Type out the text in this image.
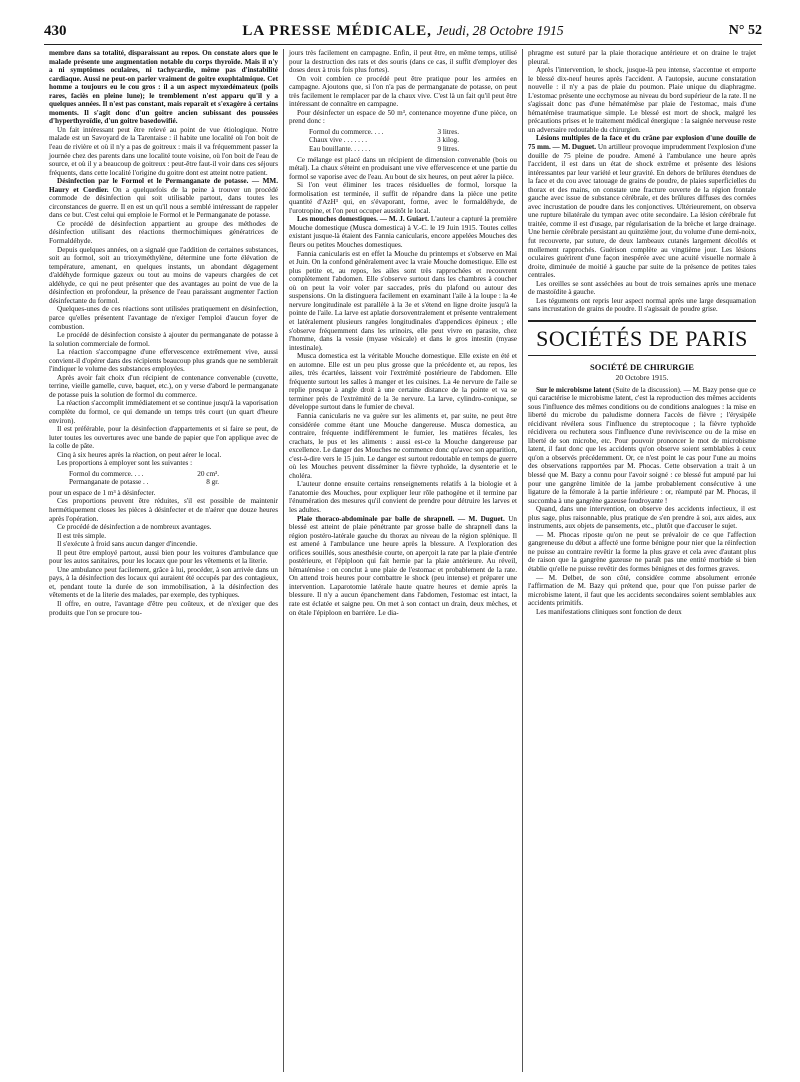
430	LA PRESSE MÉDICALE, Jeudi, 28 Octobre 1915	N° 52

membre dans sa totalité, disparaissant au repos. On constate alors que le malade présente une augmentation notable du corps thyroïde. Mais il n'y a ni symptômes oculaires, ni tachycardie, même pas d'instabilité cardiaque. Aussi ne peut-on parler vraiment de goitre exophtalmique. Cet homme a toujours eu le cou gros : il a un aspect myxœdémateux (poils rares, faciès en pleine lune); le tremblement n'est apparu qu'il y a quelques années. Il n'est pas constant, mais reparaît et s'exagère à certains moments. Il s'agit donc d'un goitre ancien subissant des poussées d'hyperthyroïdie, d'un goitre basedowifié.

Un fait intéressant peut être relevé au point de vue étiologique. Notre malade est un Savoyard de la Tarentaise : il habite une localité où l'on boit de l'eau de rivière et où il n'y a pas de goitreux : mais il va fréquemment passer la journée chez des parents dans une localité toute voisine, où l'on boit de l'eau de source, et où il y a beaucoup de goitreux : peut-être faut-il voir dans ces séjours fréquents, dans cette localité l'origine du goitre dont est atteint notre patient.

Désinfection par le Formol et le Permanganate de potasse. — MM. Haury et Cordier. On a quelquefois de la peine à trouver un procédé commode de désinfection qui soit utilisable partout, dans toutes les circonstances de guerre. Il en est un qu'il nous a semblé intéressant de rappeler dans ce but. C'est celui qui emploie le Formol et le Permanganate de potasse.

Ce procédé de désinfection appartient au groupe des méthodes de désinfection utilisant des réactions thermochimiques génératrices de Formaldéhyde.

Depuis quelques années, on a signalé que l'addition de certaines substances, soit au formol, soit au trioxyméthylène, détermine une forte élévation de température, amenant, en quelques instants, un abondant dégagement d'aldéhyde formique gazeux ou tout au moins de vapeurs chargées de cet aldéhyde, ce qui ne peut présenter que des avantages au point de vue de la désinfection en profondeur, la présence de l'eau paraissant augmenter l'action désinfectante du formol.

Quelques-unes de ces réactions sont utilisées pratiquement en désinfection, parce qu'elles présentent l'avantage de n'exiger l'emploi d'aucun foyer de combustion.

Le procédé de désinfection consiste à ajouter du permanganate de potasse à la solution commerciale de formol.

La réaction s'accompagne d'une effervescence extrêmement vive, aussi convient-il d'opérer dans des récipients beaucoup plus grands que ne semblerait l'indiquer le volume des substances employées.

Après avoir fait choix d'un récipient de contenance convenable (cuvette, terrine, vieille gamelle, cuve, baquet, etc.), on y verse d'abord le permanganate de potasse puis la solution de formol du commerce.

La réaction s'accomplit immédiatement et se continue jusqu'à la vaporisation complète du formol, ce qui demande un temps très court (un quart d'heure environ).

Il est préférable, pour la désinfection d'appartements et si faire se peut, de luter toutes les ouvertures avec une bande de papier que l'on applique avec de la colle de pâte.

Cinq à six heures après la réaction, on peut aérer le local.

Les proportions à employer sont les suivantes :

Formol du commerce. . . .	20 cm³.
Permanganate de potasse . .	8 gr.

pour un espace de 1 m³ à désinfecter.

Ces proportions peuvent être réduites, s'il est possible de maintenir hermétiquement closes les pièces à désinfecter et de n'aérer que douze heures après l'opération.

Ce procédé de désinfection a de nombreux avantages.

Il est très simple.

Il s'exécute à froid sans aucun danger d'incendie.

Il peut être employé partout, aussi bien pour les voitures d'ambulance que pour les autos sanitaires, pour les locaux que pour les vêtements et la literie.

Une ambulance peut facilement, grâce à lui, procéder, à son arrivée dans un pays, à la désinfection des locaux qui auraient été occupés par des contagieux, et, pendant toute la durée de son immobilisation, à la désinfection des vêtements et de la literie des malades, par exemple, des typhiques.

Il offre, en outre, l'avantage d'être peu coûteux, et de n'exiger que des produits que l'on se procure tou-

jours très facilement en campagne. Enfin, il peut être, en même temps, utilisé pour la destruction des rats et des souris (dans ce cas, il suffit d'employer des doses deux à trois fois plus fortes).

On voit combien ce procédé peut être pratique pour les armées en campagne. Ajoutons que, si l'on n'a pas de permanganate de potasse, on peut très facilement le remplacer par de la chaux vive. C'est là un fait qu'il peut être intéressant de connaître en campagne.

Pour désinfecter un espace de 50 m³, contenance moyenne d'une pièce, on prend donc :

Formol du commerce. . . .	3 litres.
Chaux vive . . . . . . .	3 kilog.
Eau bouillante. . . . . .	9 litres.

Ce mélange est placé dans un récipient de dimension convenable (bois ou métal). La chaux s'éteint en produisant une vive effervescence et une partie du formol se vaporise avec de l'eau. Au bout de six heures, on peut aérer la pièce.

Si l'on veut éliminer les traces résiduelles de formol, lorsque la formolisation est terminée, il suffit de répandre dans la pièce une petite quantité d'AzH³ qui, en s'évaporant, forme, avec le formaldéhyde, de l'urotropine, et l'on peut occuper aussitôt le local.

Les mouches domestiques. — M. J. Guiart. L'auteur a capturé la première Mouche domestique (Musca domestica) à V.-C. le 19 Juin 1915. Toutes celles existant jusque-là étaient des Fannia canicularis, encore appelées Mouches des fleurs ou petites Mouches domestiques.

Fannia canicularis est en effet la Mouche du printemps et s'observe en Mai et Juin. On la confond généralement avec la vraie Mouche domestique. Elle est plus petite et, au repos, les ailes sont très rapprochées et recouvrent complètement l'abdomen. Elle s'observe surtout dans les chambres à coucher où on peut la voir voler par saccades, près du plafond ou autour des suspensions. On la distinguera facilement en examinant l'aile à la loupe : la 4e nervure longitudinale est parallèle à la 3e et s'étend en ligne droite jusqu'à la pointe de l'aile. La larve est aplatie dorsoventralement et présente ventralement et latéralement plusieurs rangées longitudinales d'appendices épineux ; elle s'observe fréquemment dans les urinoirs, elle peut vivre en parasite, chez l'homme, dans la vessie (myase vésicale) et dans le gros intestin (myase intestinale).

Musca domestica est la véritable Mouche domestique. Elle existe en été et en automne. Elle est un peu plus grosse que la précédente et, au repos, les ailes, très écartées, laissent voir l'extrémité postérieure de l'abdomen. Elle fréquente surtout les salles à manger et les cuisines. La 4e nervure de l'aile se replie presque à angle droit à une certaine distance de la pointe et va se terminer près de l'extrémité de la 3e nervure. La larve, cylindro-conique, se développe surtout dans le fumier de cheval.

Fannia canicularis ne va guère sur les aliments et, par suite, ne peut être considérée comme étant une Mouche dangereuse. Musca domestica, au contraire, fréquente indifféremment le fumier, les matières fécales, les crachats, le pus et les aliments : aussi est-ce la Mouche dangereuse par excellence. Le danger des Mouches ne commence donc qu'avec son apparition, c'est-à-dire vers le 15 juin. Le danger est surtout redoutable en temps de guerre où les Mouches peuvent disséminer la fièvre typhoïde, la dysenterie et le choléra.

L'auteur donne ensuite certains renseignements relatifs à la biologie et à l'anatomie des Mouches, pour expliquer leur rôle pathogène et il termine par l'énumération des mesures qu'il convient de prendre pour détruire les larves et les adultes.

Plaie thoraco-abdominale par balle de shrapnell. — M. Duguet. Un blessé est atteint de plaie pénétrante par grosse balle de shrapnell dans la région postéro-latérale gauche du thorax au niveau de la région splénique. Il est amené à l'ambulance une heure après la blessure. A l'exploration des orifices souillés, sous anesthésie courte, on aperçoit la rate par la plaie d'entrée postérieure, et l'épiploon qui fait hernie par la plaie antérieure. Au réveil, hématémèse : on conclut à une plaie de l'estomac et probablement de la rate. On attend trois heures pour combattre le shock (peu intense) et préparer une intervention. Laparotomie latérale haute quatre heures et demie après la blessure. Il n'y a aucun épanchement dans l'abdomen, l'estomac est intact, la rate est éclatée et saigne peu. On met à son contact un drain, deux mèches, et on étale l'épiploon en barrière. Le dia-

phragme est suturé par la plaie thoracique antérieure et on draine le trajet pleural.

Après l'intervention, le shock, jusque-là peu intense, s'accentue et emporte le blessé dix-neuf heures après l'accident. A l'autopsie, aucune constatation nouvelle : il n'y a pas de plaie du poumon. Plaie unique du diaphragme. L'estomac présente une ecchymose au niveau du bord supérieur de la rate. Il ne s'agissait donc pas d'une hématémèse par plaie de l'estomac, mais d'une hématémèse traumatique simple. Le blessé est mort de shock, malgré les précautions prises et le traitement médical énergique : la saignée nerveuse reste un adversaire redoutable du chirurgien.

Lésions multiples de la face et du crâne par explosion d'une douille de 75 mm. — M. Duguet. Un artilleur provoque imprudemment l'explosion d'une douille de 75 pleine de poudre. Amené à l'ambulance une heure après l'accident, il est dans un état de shock extrême et présente des lésions intéressantes par leur variété et leur gravité. En dehors de brûlures étendues de la face et du cou avec tatouage de grains de poudre, de plaies superficielles du thorax et des mains, on constate une fracture ouverte de la région frontale gauche avec issue de substance cérébrale, et des brûlures diffuses des cornées avec incrustation de poudre dans les conjonctives. Ultérieurement, on observa une rupture bilatérale du tympan avec otite secondaire. La lésion cérébrale fut traitée, comme il est d'usage, par régularisation de la brèche et large drainage. Une hernie cérébrale persistant au quinzième jour, du volume d'une demi-noix, fut recouverte, par suture, de deux lambeaux cutanés largement décollés et mollement rapprochés. Guérison complète au vingtième jour. Les lésions oculaires guérirent d'une façon inespérée avec une acuité visuelle normale à droite, diminuée de moitié à gauche par suite de la présence de petites taies centrales.

Les oreilles se sont asséchées au bout de trois semaines après une menace de mastoïdite à gauche.

Les téguments ont repris leur aspect normal après une large desquamation sans incrustation de grains de poudre. Il s'agissait de poudre grise.

SOCIÉTÉS DE PARIS
SOCIÉTÉ DE CHIRURGIE
20 Octobre 1915.

Sur le microbisme latent (Suite de la discussion). — M. Bazy pense que ce qui caractérise le microbisme latent, c'est la reproduction des mêmes accidents sous l'influence des mêmes conditions ou de conditions analogues : la mise en liberté du microbe du paludisme donnera l'accès de fièvre ; l'érysipèle récidivant révélera sous l'influence du streptocoque ; la fièvre typhoïde récidivera ou rechutera sous l'influence d'une reviviscence ou de la mise en liberté de son microbe, etc. Pour pouvoir prononcer le mot de microbisme latent, il faut donc que les accidents qu'on observe soient semblables à ceux qu'on a observés précédemment. Or, ce n'est point le cas pour l'une au moins des observations rapportées par M. Phocas. Cette observation a trait à un blessé que M. Bazy a connu pour l'avoir soigné : ce blessé fut amputé par lui pour une gangrène limitée de la jambe probablement consécutive à une ligature de la fémorale à la partie inférieure : or, réamputé par M. Phocas, il succomba à une gangrène gazeuse foudroyante !

Quand, dans une intervention, on observe des accidents infectieux, il est plus sage, plus raisonnable, plus pratique de s'en prendre à soi, aux aides, aux instruments, aux objets de pansements, etc., plutôt que d'accuser le sujet.

— M. Phocas riposte qu'on ne peut se prévaloir de ce que l'affection gangreneuse du début a affecté une forme bénigne pour nier que la réinfection ne puisse au contraire revêtir la forme la plus grave et cela avec d'autant plus de raison que la gangrène gazeuse ne paraît pas une entité morbide si bien établie qu'elle ne puisse revêtir des formes bénignes et des formes graves.

— M. Delbet, de son côté, considère comme absolument erronée l'affirmation de M. Bazy qui prétend que, pour que l'on puisse parler de microbisme latent, il faut que les accidents secondaires soient semblables aux accidents primitifs.

Les manifestations cliniques sont fonction de deux
